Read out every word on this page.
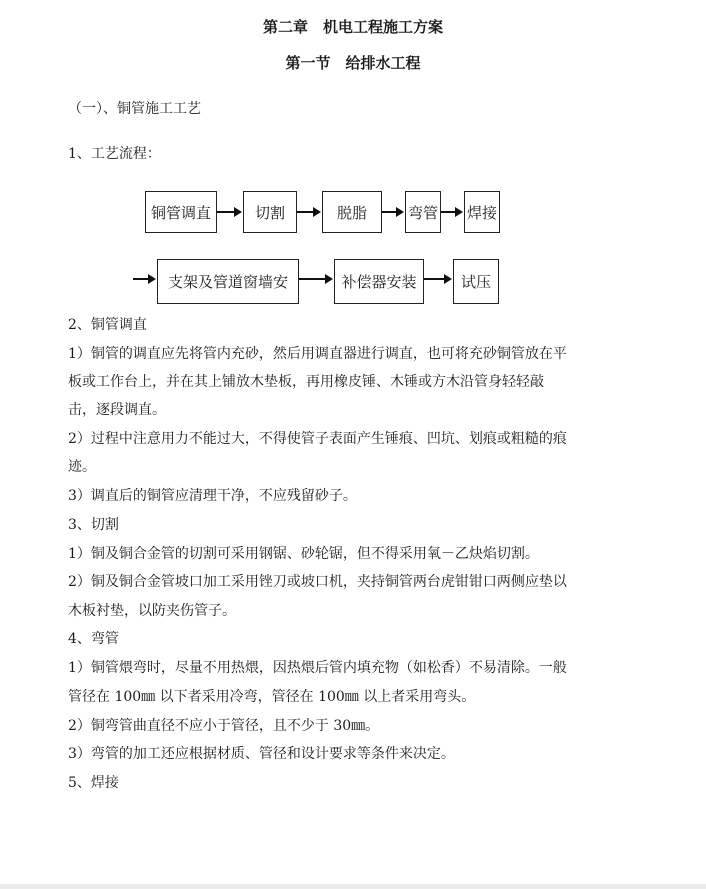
第二章　机电工程施工方案
第一节　给排水工程
（一）、铜管施工工艺
1、工艺流程：
铜管调直	切割	脱脂	弯管 焊接
支架及管道窗墙安	补偿器安装	试压
2、铜管调直
1）铜管的调直应先将管内充砂，然后用调直器进行调直，也可将充砂铜管放在平
板或工作台上，并在其上铺放木垫板，再用橡皮锤、木锤或方木沿管身轻轻敲
击，逐段调直。
2）过程中注意用力不能过大，不得使管子表面产生锤痕、凹坑、划痕或粗糙的痕
迹。
3）调直后的铜管应清理干净，不应残留砂子。
3、切割
1）铜及铜合金管的切割可采用钢锯、砂轮锯，但不得采用氧－乙炔焰切割。
2）铜及铜合金管坡口加工采用锉刀或坡口机，夹持铜管两台虎钳钳口两侧应垫以
木板衬垫，以防夹伤管子。
4、弯管
1）铜管煨弯时，尽量不用热煨，因热煨后管内填充物（如松香）不易清除。一般
管径在 100㎜ 以下者采用冷弯，管径在 100㎜ 以上者采用弯头。
2）铜弯管曲直径不应小于管径，且不少于 30㎜。
3）弯管的加工还应根据材质、管径和设计要求等条件来决定。
5、焊接
